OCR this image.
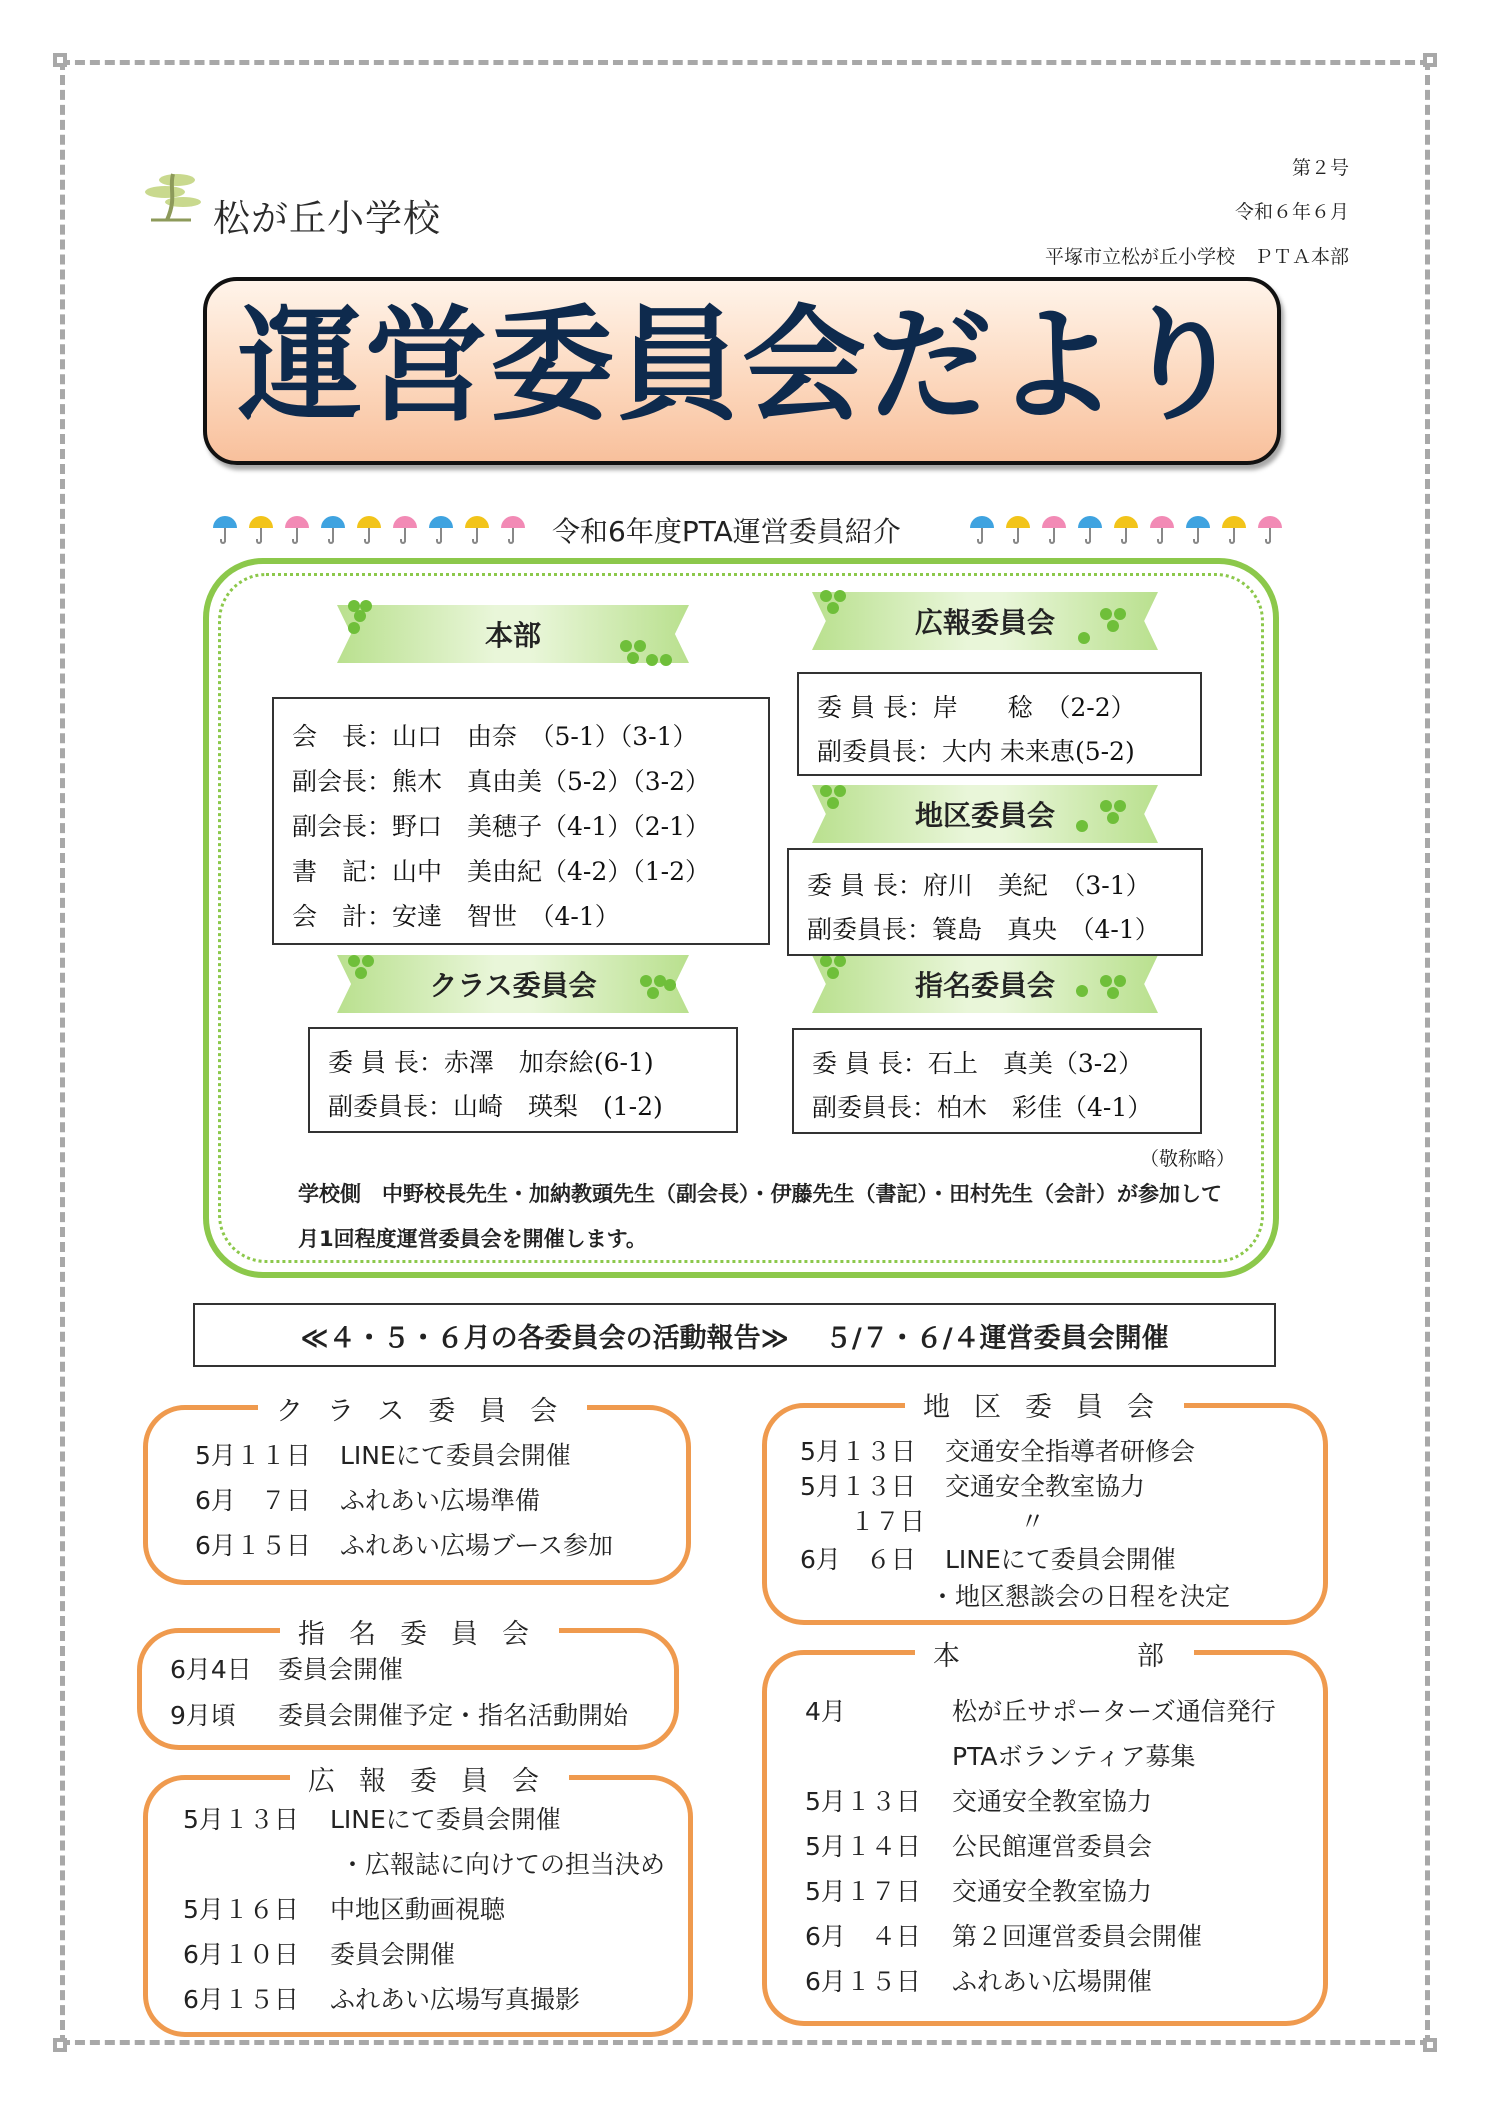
松が丘小学校
第２号
令和６年６月
平塚市立松が丘小学校　ＰＴＡ本部
運営委員会だより
令和6年度PTA運営委員紹介
本部	広報委員会
地区委員会
クラス委員会	指名委員会
会　長：山口　由奈　（5-1）（3-1）
副会長：熊木　真由美（5-2）（3-2）
副会長：野口　美穂子（4-1）（2-1）
書　記：山中　美由紀（4-2）（1-2）
会　計：安達　智世　（4-1）
委 員 長：岸　　稔　（2-2）
副委員長：大内 未来恵(5-2)
委 員 長：府川　美紀　（3-1）
副委員長：簑島　真央　（4-1）
委 員 長：赤澤　加奈絵(6-1)
副委員長：山崎　瑛梨　(1-2)
委 員 長：石上　真美（3-2）
副委員長：柏木　彩佳（4-1）
（敬称略）
学校側　中野校長先生・加納教頭先生（副会長）・伊藤先生（書記）・田村先生（会計）が参加して
月1回程度運営委員会を開催します。
≪４・５・６月の各委員会の活動報告≫ ５/７・６/４運営委員会開催
クラス委員会
5月１１日 LINEにて委員会開催
6月　７日 ふれあい広場準備
6月１５日 ふれあい広場ブース参加
指名委員会
6月4日 委員会開催
9月頃 委員会開催予定・指名活動開始
広報委員会
5月１３日 LINEにて委員会開催
・広報誌に向けての担当決め
5月１６日 中地区動画視聴
6月１０日 委員会開催
6月１５日 ふれあい広場写真撮影
地区委員会
5月１３日 交通安全指導者研修会
5月１３日 交通安全教室協力
　　１７日	〃
6月　６日 LINEにて委員会開催
・地区懇談会の日程を決定
本　　　部
4月	松が丘サポーターズ通信発行
PTAボランティア募集
5月１３日 交通安全教室協力
5月１４日 公民館運営委員会
5月１７日 交通安全教室協力
6月　４日 第２回運営委員会開催
6月１５日 ふれあい広場開催
